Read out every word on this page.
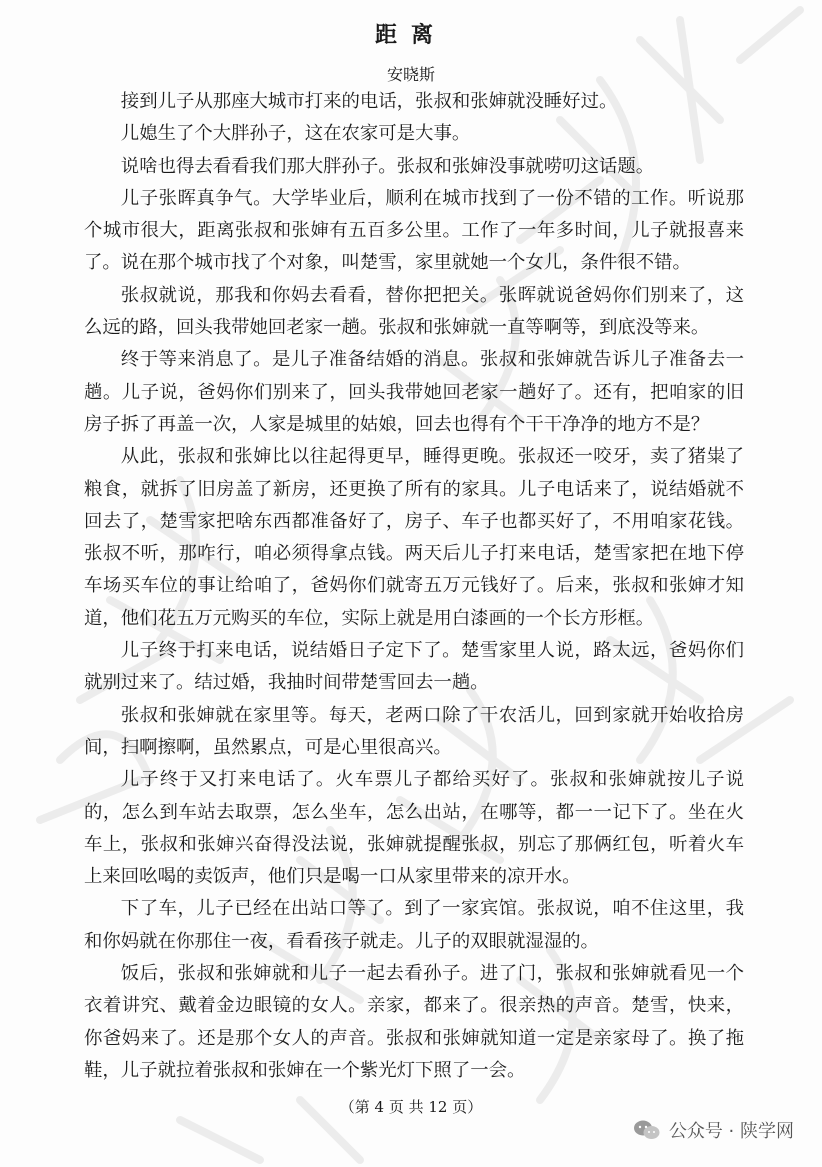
距离
安晓斯

接到儿子从那座大城市打来的电话，张叔和张婶就没睡好过。

儿媳生了个大胖孙子，这在农家可是大事。

说啥也得去看看我们那大胖孙子。张叔和张婶没事就唠叨这话题。

儿子张晖真争气。大学毕业后，顺利在城市找到了一份不错的工作。听说那个城市很大，距离张叔和张婶有五百多公里。工作了一年多时间，儿子就报喜来了。说在那个城市找了个对象，叫楚雪，家里就她一个女儿，条件很不错。

张叔就说，那我和你妈去看看，替你把把关。张晖就说爸妈你们别来了，这么远的路，回头我带她回老家一趟。张叔和张婶就一直等啊等，到底没等来。

终于等来消息了。是儿子准备结婚的消息。张叔和张婶就告诉儿子准备去一趟。儿子说，爸妈你们别来了，回头我带她回老家一趟好了。还有，把咱家的旧房子拆了再盖一次，人家是城里的姑娘，回去也得有个干干净净的地方不是？

从此，张叔和张婶比以往起得更早，睡得更晚。张叔还一咬牙，卖了猪粜了粮食，就拆了旧房盖了新房，还更换了所有的家具。儿子电话来了，说结婚就不回去了，楚雪家把啥东西都准备好了，房子、车子也都买好了，不用咱家花钱。张叔不听，那咋行，咱必须得拿点钱。两天后儿子打来电话，楚雪家把在地下停车场买车位的事让给咱了，爸妈你们就寄五万元钱好了。后来，张叔和张婶才知道，他们花五万元购买的车位，实际上就是用白漆画的一个长方形框。

儿子终于打来电话，说结婚日子定下了。楚雪家里人说，路太远，爸妈你们就别过来了。结过婚，我抽时间带楚雪回去一趟。

张叔和张婶就在家里等。每天，老两口除了干农活儿，回到家就开始收拾房间，扫啊擦啊，虽然累点，可是心里很高兴。

儿子终于又打来电话了。火车票儿子都给买好了。张叔和张婶就按儿子说的，怎么到车站去取票，怎么坐车，怎么出站，在哪等，都一一记下了。坐在火车上，张叔和张婶兴奋得没法说，张婶就提醒张叔，别忘了那俩红包，听着火车上来回吆喝的卖饭声，他们只是喝一口从家里带来的凉开水。

下了车，儿子已经在出站口等了。到了一家宾馆。张叔说，咱不住这里，我和你妈就在你那住一夜，看看孩子就走。儿子的双眼就湿湿的。

饭后，张叔和张婶就和儿子一起去看孙子。进了门，张叔和张婶就看见一个衣着讲究、戴着金边眼镜的女人。亲家，都来了。很亲热的声音。楚雪，快来，你爸妈来了。还是那个女人的声音。张叔和张婶就知道一定是亲家母了。换了拖鞋，儿子就拉着张叔和张婶在一个紫光灯下照了一会。

（第 4 页 共 12 页）
公众号 · 陕学网
